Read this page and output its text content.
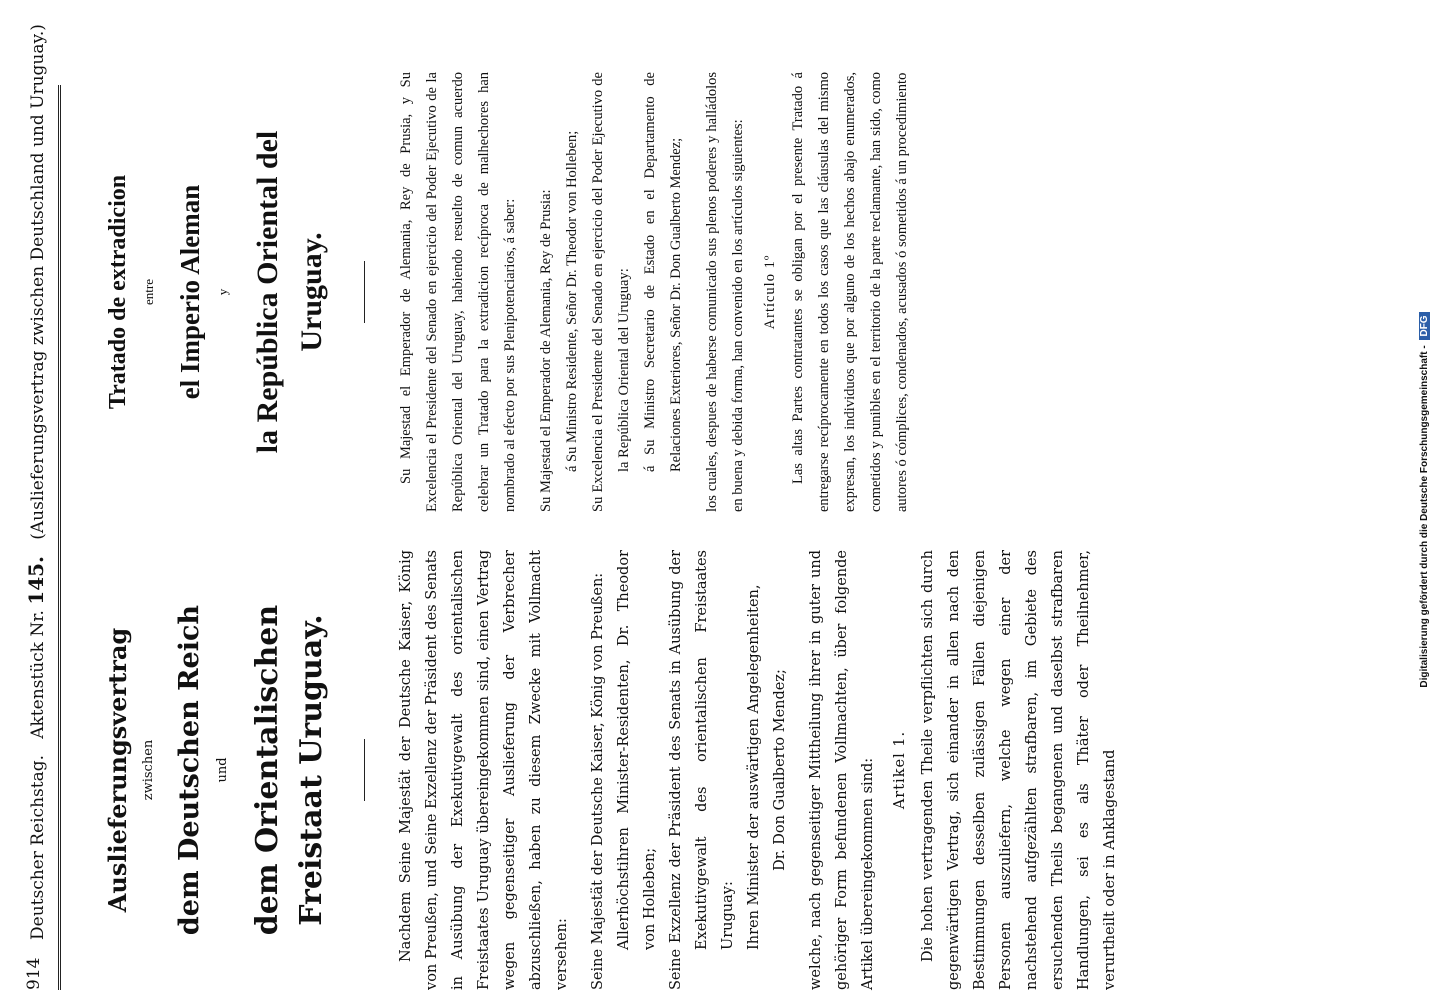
914
Deutscher Reichstag.   Aktenstück Nr. 145.   (Auslieferungsvertrag zwischen Deutschland und Uruguay.)

Auslieferungsvertrag zwischen dem Deutschen Reich und dem Orientalischen Freistaat Uruguay.	Nachdem Seine Majestät der Deutsche Kaiser, König von Preußen, und Seine Exzellenz der Präsident des Senats in Ausübung der Exekutivgewalt des orientalischen Freistaates Uruguay übereingekommen sind, einen Vertrag wegen gegenseitiger Auslieferung der Verbrecher abzuschließen, haben zu diesem Zwecke mit Vollmacht versehen:	Seine Majestät der Deutsche Kaiser, König von Preußen: Allerhöchstihren Minister-Residenten, Dr. Theodor von Holleben; Seine Exzellenz der Präsident des Senats in Ausübung der Exekutivgewalt des orientalischen Freistaates Uruguay: Ihren Minister der auswärtigen Angelegenheiten, Dr. Don Gualberto Mendez;	welche, nach gegenseitiger Mittheilung ihrer in guter und gehöriger Form befundenen Vollmachten, über folgende Artikel übereingekommen sind:	Artikel 1. Die hohen vertragenden Theile verpflichten sich durch gegenwärtigen Vertrag, sich einander in allen nach den Bestimmungen desselben zulässigen Fällen diejenigen Personen auszuliefern, welche wegen einer der nachstehend aufgezählten strafbaren, im Gebiete des ersuchenden Theils begangenen und daselbst strafbaren Handlungen, sei es als Thäter oder Theilnehmer, verurtheilt oder in Anklagestand

Tratado de extradicion entre el Imperio Aleman y la República Oriental del Uruguay.	Su Majestad el Emperador de Alemania, Rey de Prusia, y Su Excelencia el Presidente del Senado en ejercicio del Poder Ejecutivo de la República Oriental del Uruguay, habiendo resuelto de comun acuerdo celebrar un Tratado para la extradicion recíproca de malhechores han nombrado al efecto por sus Plenipotenciarios, á saber:	Su Majestad el Emperador de Alemania, Rey de Prusia: á Su Ministro Residente, Señor Dr. Theodor von Holleben; Su Excelencia el Presidente del Senado en ejercicio del Poder Ejecutivo de la República Oriental del Uruguay: á Su Ministro Secretario de Estado en el Departamento de Relaciones Exteriores, Señor Dr. Don Gualberto Mendez;	los cuales, despues de haberse comunicado sus plenos poderes y halládolos en buena y debida forma, han convenido en los artículos siguientes:	Artículo 1º Las altas Partes contratantes se obligan por el presente Tratado á entregarse recíprocamente en todos los casos que las cláusulas del mismo expresan, los individuos que por alguno de los hechos abajo enumerados, cometidos y punibles en el territorio de la parte reclamante, han sido, como autores ó cómplices, condenados, acusados ó sometidos á un procedimiento

Digitalisierung gefördert durch die Deutsche Forschungsgemeinschaft - DFG
